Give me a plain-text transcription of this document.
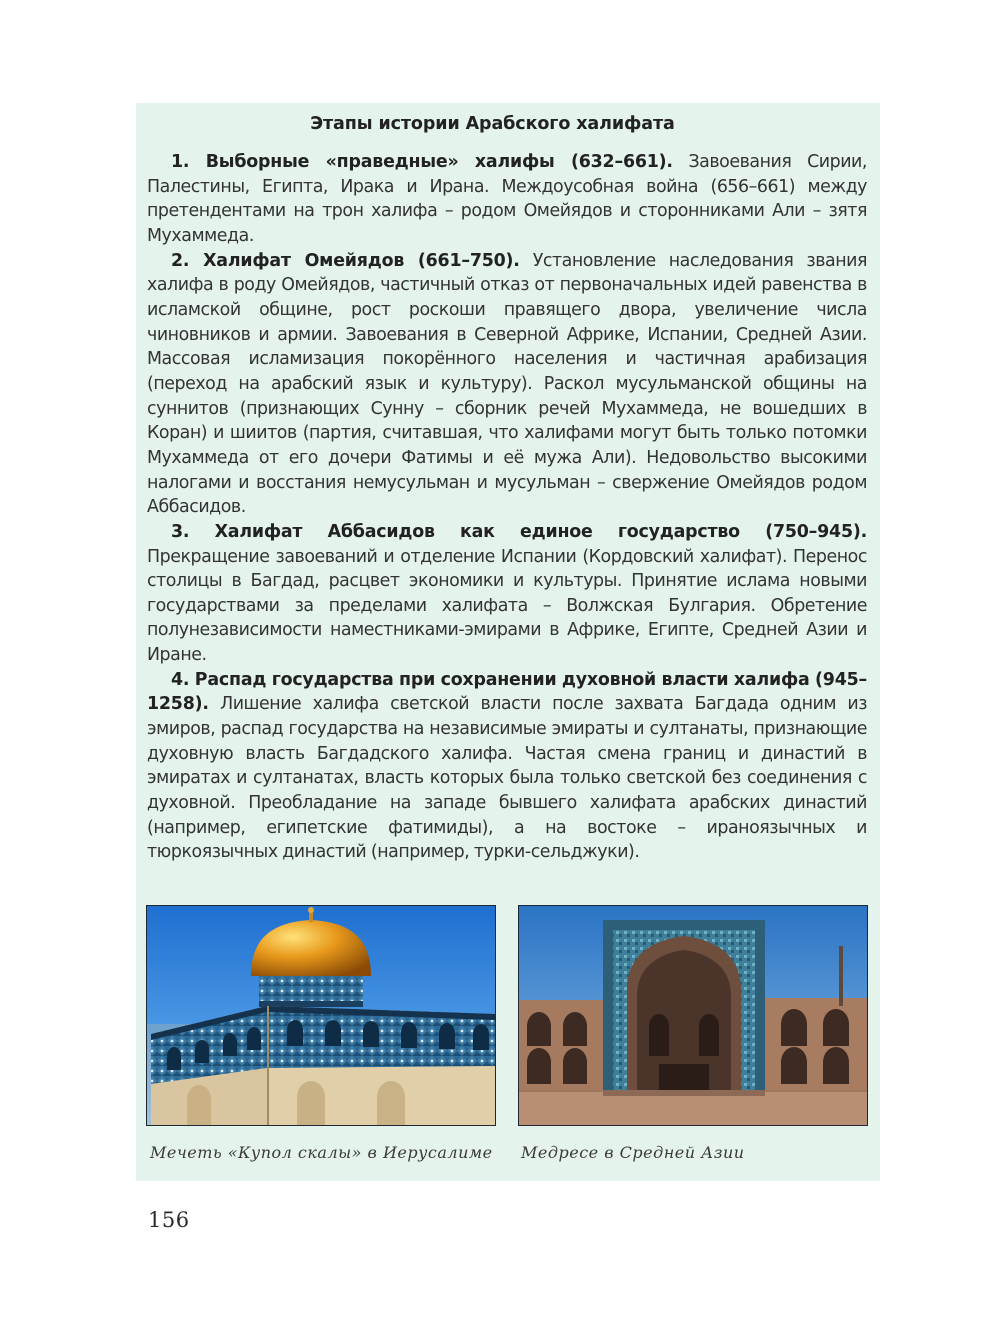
Этапы истории Арабского халифата

1. Выборные «праведные» халифы (632–661). Завоевания Сирии, Палестины, Египта, Ирака и Ирана. Междоусобная война (656–661) между претендентами на трон халифа – родом Омейядов и сторонниками Али – зятя Мухаммеда.

2. Халифат Омейядов (661–750). Установление наследования звания халифа в роду Омейядов, частичный отказ от первоначальных идей равенства в исламской общине, рост роскоши правящего двора, увеличение числа чиновников и армии. Завоевания в Северной Африке, Испании, Средней Азии. Массовая исламизация покорённого населения и частичная арабизация (переход на арабский язык и культуру). Раскол мусульманской общины на суннитов (признающих Сунну – сборник речей Мухаммеда, не вошедших в Коран) и шиитов (партия, считавшая, что халифами могут быть только потомки Мухаммеда от его дочери Фатимы и её мужа Али). Недовольство высокими налогами и восстания немусульман и мусульман – свержение Омейядов родом Аббасидов.

3. Халифат Аббасидов как единое государство (750–945). Прекращение завоеваний и отделение Испании (Кордовский халифат). Перенос столицы в Багдад, расцвет экономики и культуры. Принятие ислама новыми государствами за пределами халифата – Волжская Булгария. Обретение полунезависимости наместниками-эмирами в Африке, Египте, Средней Азии и Иране.

4. Распад государства при сохранении духовной власти халифа (945–1258). Лишение халифа светской власти после захвата Багдада одним из эмиров, распад государства на независимые эмираты и султанаты, признающие духовную власть Багдадского халифа. Частая смена границ и династий в эмиратах и султанатах, власть которых была только светской без соединения с духовной. Преобладание на западе бывшего халифата арабских династий (например, египетские фатимиды), а на востоке – ираноязычных и тюркоязычных династий (например, турки-сельджуки).

Мечеть «Купол скалы» в Иерусалиме Медресе в Средней Азии
156
